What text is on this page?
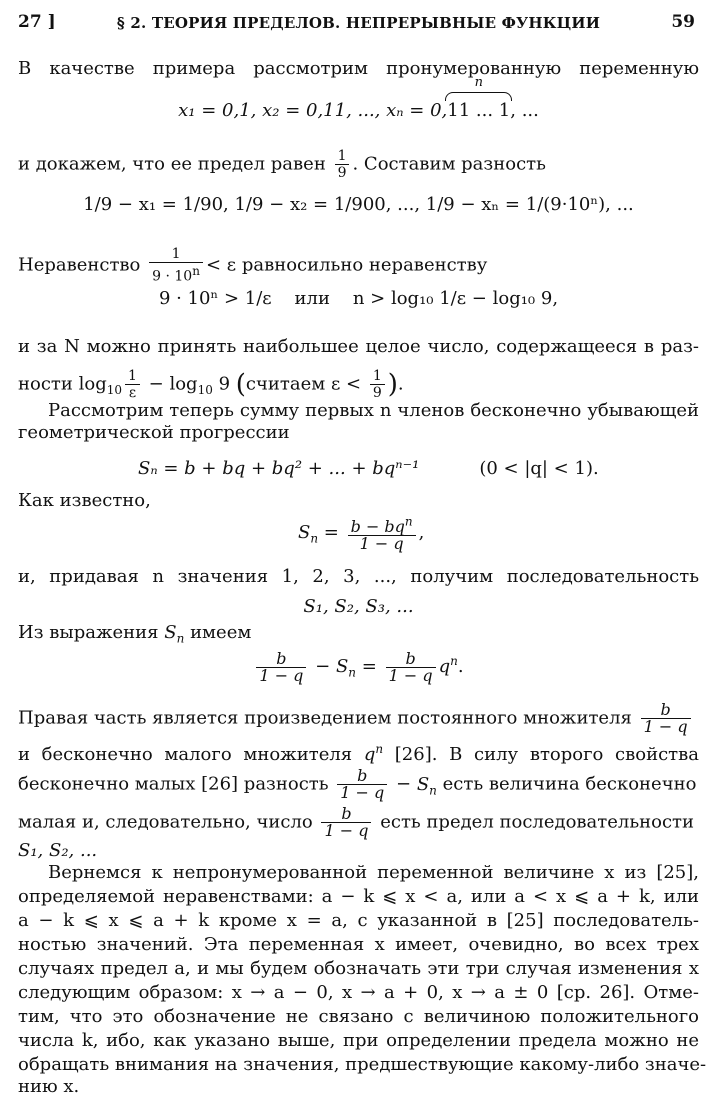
27 ]	§ 2. ТЕОРИЯ ПРЕДЕЛОВ. НЕПРЕРЫВНЫЕ ФУНКЦИИ	59
В качестве примера рассмотрим пронумерованную переменную
x₁ = 0,1, x₂ = 0,11, ..., xₙ = 0,
n
11 ... 1, ...
и докажем, что ее предел равен $\frac{1}{9}$ . Составим разность
1/9 − x₁ = 1/90, 1/9 − x₂ = 1/900, ..., 1/9 − xₙ = 1/(9·10ⁿ), ...
Неравенство $\frac{1}{9 \cdot 10^n} < \varepsilon$ равносильно неравенству
9 · 10ⁿ > 1/ε или n > log₁₀ 1/ε − log₁₀ 9,
и за N можно принять наибольшее целое число, содержащееся в раз-
ности $\log_{10} \frac{1}{\varepsilon} - \log_{10} 9$ (считаем $\varepsilon < \frac{1}{9}$ ).
Рассмотрим теперь сумму первых n членов бесконечно убывающей
геометрической прогрессии
Sₙ = b + bq + bq² + ... + bqⁿ⁻¹	(0 < |q| < 1).
Как известно,
$S_n = b - bq^n$
1 − q
,
и, придавая n значения 1, 2, 3, ..., получим последовательность
S₁, S₂, S₃, ...
Из выражения $S_n$ имеем
$\frac{b}{1 - q} - S_n = \frac{b}{1 - q} q^n$.
Правая часть является произведением постоянного множителя $\frac{b}{1 - q}$
и бесконечно малого множителя $q^n$ [26]. В силу второго свойства
бесконечно малых [26] разность $\frac{b}{1 - q} - S_n$ есть величина бесконечно
малая и, следовательно, число $\frac{b}{1 - q}$ есть предел последовательности
S₁, S₂, ...
Вернемся к непронумерованной переменной величине x из [25],
определяемой неравенствами: a − k ⩽ x < a, или a < x ⩽ a + k, или
a − k ⩽ x ⩽ a + k кроме x = a, с указанной в [25] последователь-
ностью значений. Эта переменная x имеет, очевидно, во всех трех
случаях предел a, и мы будем обозначать эти три случая изменения x
следующим образом: x → a − 0, x → a + 0, x → a ± 0 [ср. 26]. Отме-
тим, что это обозначение не связано с величиною положительного
числа k, ибо, как указано выше, при определении предела можно не
обращать внимания на значения, предшествующие какому-либо значе-
нию x.
